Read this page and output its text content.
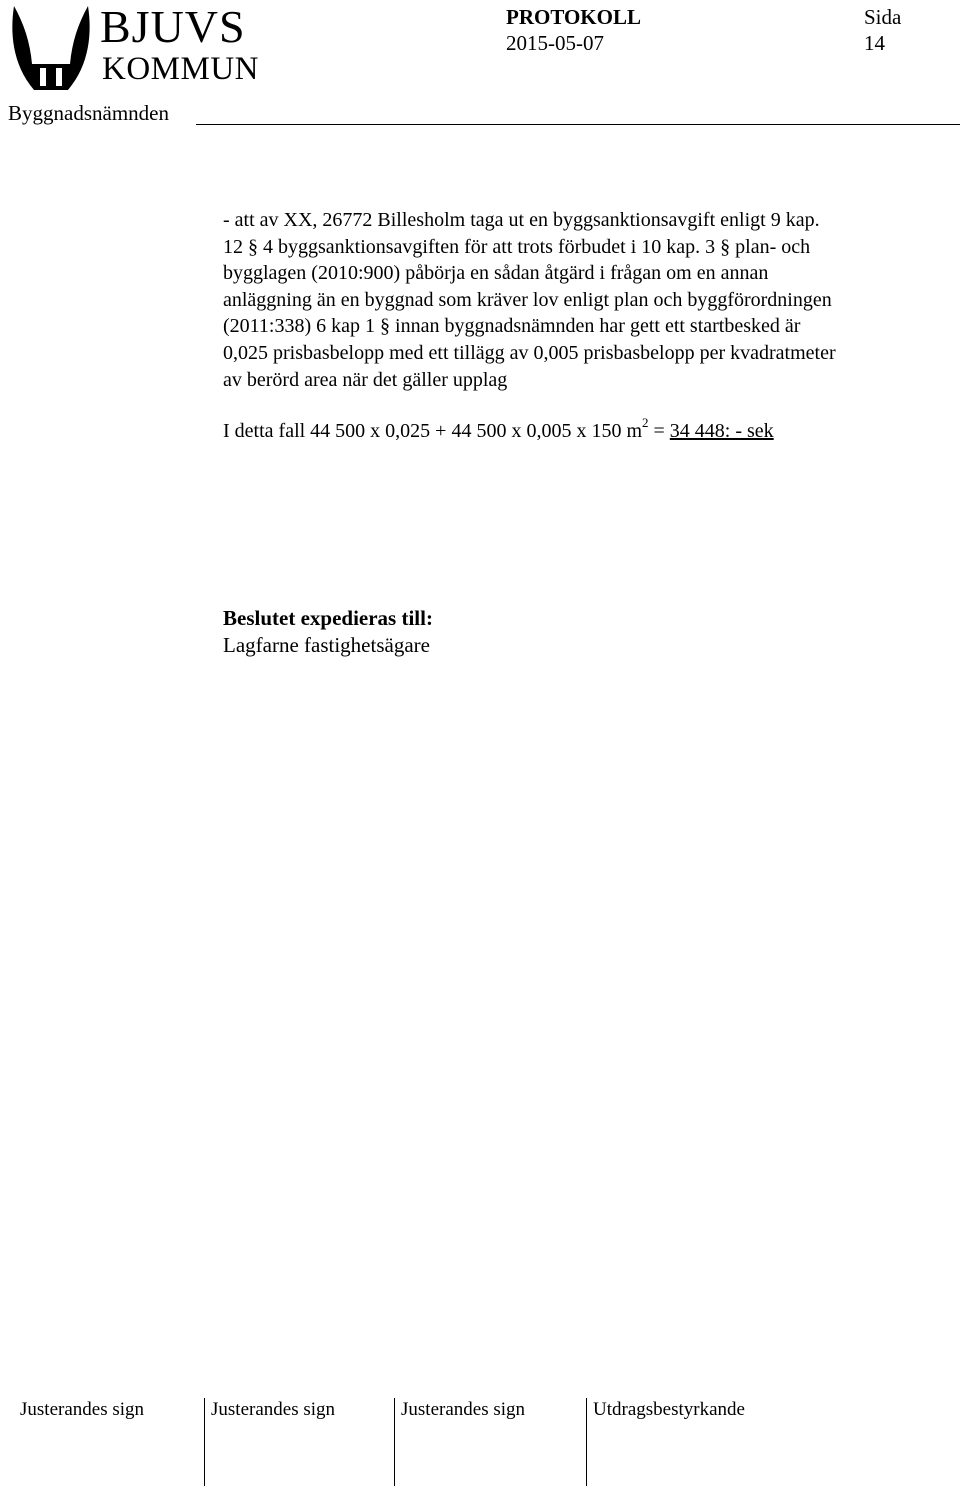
BJUVS
KOMMUN
PROTOKOLL
2015-05-07
Sida
14
Byggnadsnämnden

- att av XX, 26772 Billesholm taga ut en byggsanktionsavgift enligt 9 kap.

12 § 4 byggsanktionsavgiften för att trots förbudet i 10 kap. 3 § plan- och

bygglagen (2010:900) påbörja en sådan åtgärd i frågan om en annan

anläggning än en byggnad som kräver lov enligt plan och byggförordningen

(2011:338) 6 kap 1 § innan byggnadsnämnden har gett ett startbesked är

0,025 prisbasbelopp med ett tillägg av 0,005 prisbasbelopp per kvadratmeter

av berörd area när det gäller upplag

I detta fall 44 500 x 0,025 + 44 500 x 0,005 x 150 $m^2 = 34$ 448: - sek
Beslutet expedieras till:
Lagfarne fastighetsägare
Justerandes sign	Justerandes sign	Justerandes sign	Utdragsbestyrkande
